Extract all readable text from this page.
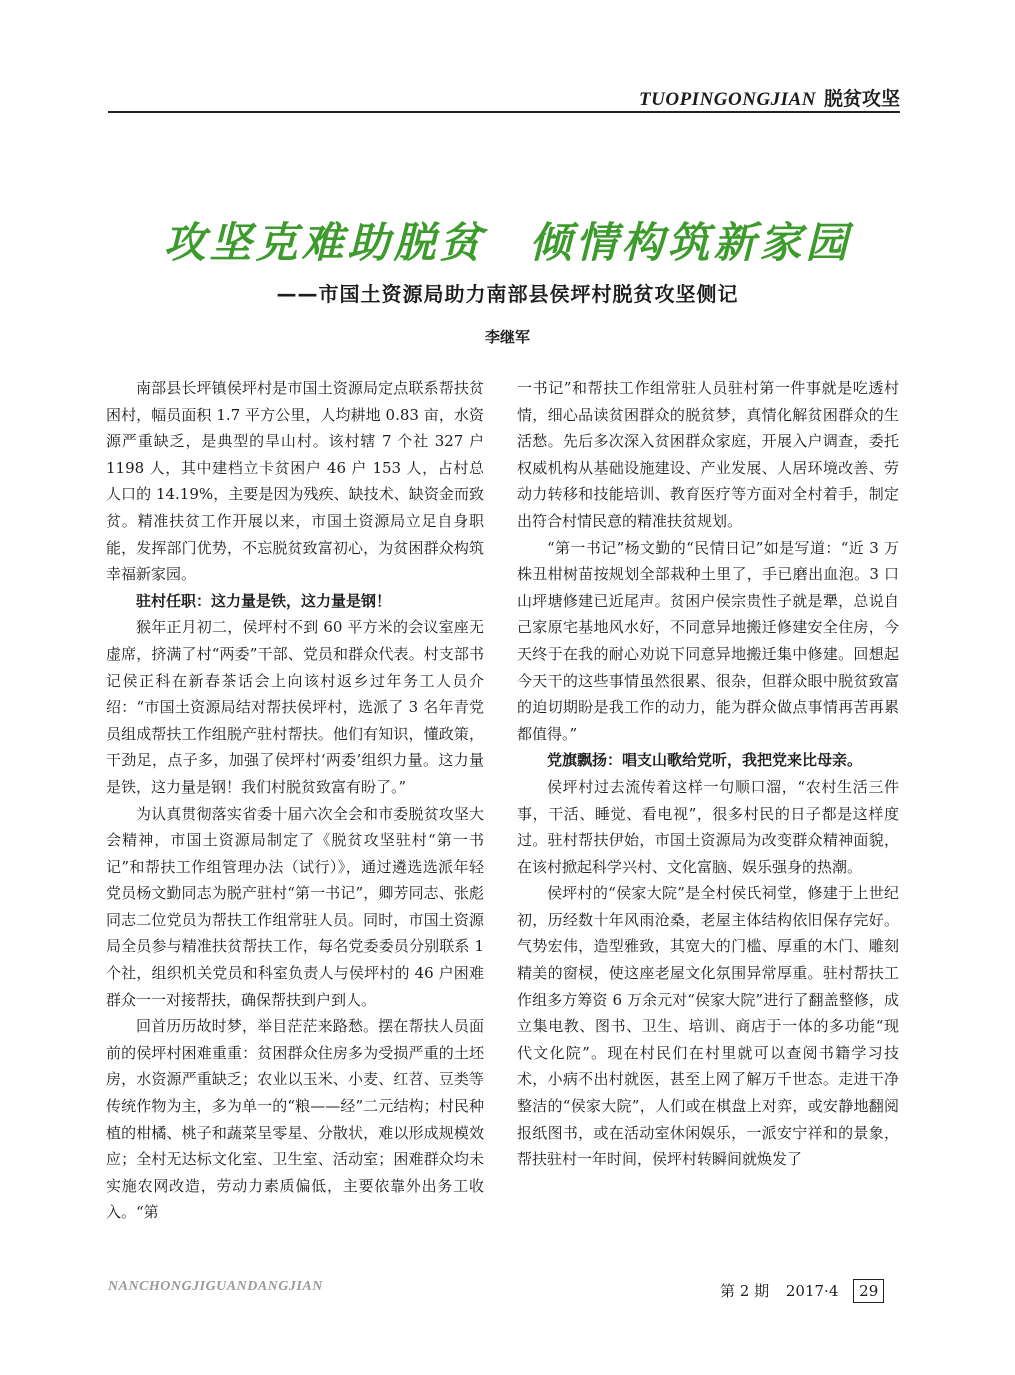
TUOPINGONGJIAN 脱贫攻坚
攻坚克难助脱贫 倾情构筑新家园
——市国土资源局助力南部县侯坪村脱贫攻坚侧记
李继军

南部县长坪镇侯坪村是市国土资源局定点联系帮扶贫困村，幅员面积 1.7 平方公里，人均耕地 0.83 亩，水资源严重缺乏，是典型的旱山村。该村辖 7 个社 327 户 1198 人，其中建档立卡贫困户 46 户 153 人，占村总人口的 14.19%，主要是因为残疾、缺技术、缺资金而致贫。精准扶贫工作开展以来，市国土资源局立足自身职能，发挥部门优势，不忘脱贫致富初心，为贫困群众构筑幸福新家园。

驻村任职：这力量是铁，这力量是钢！

猴年正月初二，侯坪村不到 60 平方米的会议室座无虚席，挤满了村“两委”干部、党员和群众代表。村支部书记侯正科在新春茶话会上向该村返乡过年务工人员介绍：“市国土资源局结对帮扶侯坪村，选派了 3 名年青党员组成帮扶工作组脱产驻村帮扶。他们有知识，懂政策，干劲足，点子多，加强了侯坪村‘两委’组织力量。这力量是铁，这力量是钢！我们村脱贫致富有盼了。”

为认真贯彻落实省委十届六次全会和市委脱贫攻坚大会精神，市国土资源局制定了《脱贫攻坚驻村“第一书记”和帮扶工作组管理办法（试行）》，通过遴选选派年轻党员杨文勤同志为脱产驻村“第一书记”，卿芳同志、张彪同志二位党员为帮扶工作组常驻人员。同时，市国土资源局全员参与精准扶贫帮扶工作，每名党委委员分别联系 1 个社，组织机关党员和科室负责人与侯坪村的 46 户困难群众一一对接帮扶，确保帮扶到户到人。

回首历历故时梦，举目茫茫来路愁。摆在帮扶人员面前的侯坪村困难重重：贫困群众住房多为受损严重的土坯房，水资源严重缺乏；农业以玉米、小麦、红苕、豆类等传统作物为主，多为单一的“粮——经”二元结构；村民种植的柑橘、桃子和蔬菜呈零星、分散状，难以形成规模效应；全村无达标文化室、卫生室、活动室；困难群众均未实施农网改造，劳动力素质偏低，主要依靠外出务工收入。“第

一书记”和帮扶工作组常驻人员驻村第一件事就是吃透村情，细心品读贫困群众的脱贫梦，真情化解贫困群众的生活愁。先后多次深入贫困群众家庭，开展入户调查，委托权威机构从基础设施建设、产业发展、人居环境改善、劳动力转移和技能培训、教育医疗等方面对全村着手，制定出符合村情民意的精准扶贫规划。

“第一书记”杨文勤的“民情日记”如是写道：“近 3 万株丑柑树苗按规划全部栽种土里了，手已磨出血泡。3 口山坪塘修建已近尾声。贫困户侯宗贵性子就是犟，总说自己家原宅基地风水好，不同意异地搬迁修建安全住房，今天终于在我的耐心劝说下同意异地搬迁集中修建。回想起今天干的这些事情虽然很累、很杂，但群众眼中脱贫致富的迫切期盼是我工作的动力，能为群众做点事情再苦再累都值得。”

党旗飘扬：唱支山歌给党听，我把党来比母亲。

侯坪村过去流传着这样一句顺口溜，“农村生活三件事，干活、睡觉、看电视”，很多村民的日子都是这样度过。驻村帮扶伊始，市国土资源局为改变群众精神面貌，在该村掀起科学兴村、文化富脑、娱乐强身的热潮。

侯坪村的“侯家大院”是全村侯氏祠堂，修建于上世纪初，历经数十年风雨沧桑，老屋主体结构依旧保存完好。气势宏伟，造型雅致，其宽大的门槛、厚重的木门、雕刻精美的窗棂，使这座老屋文化氛围异常厚重。驻村帮扶工作组多方筹资 6 万余元对“侯家大院”进行了翻盖整修，成立集电教、图书、卫生、培训、商店于一体的多功能“现代文化院”。现在村民们在村里就可以查阅书籍学习技术，小病不出村就医，甚至上网了解万千世态。走进干净整洁的“侯家大院”，人们或在棋盘上对弈，或安静地翻阅报纸图书，或在活动室休闲娱乐，一派安宁祥和的景象，帮扶驻村一年时间，侯坪村转瞬间就焕发了

NANCHONGJIGUANDANGJIAN	第 2 期 2017·4 29
